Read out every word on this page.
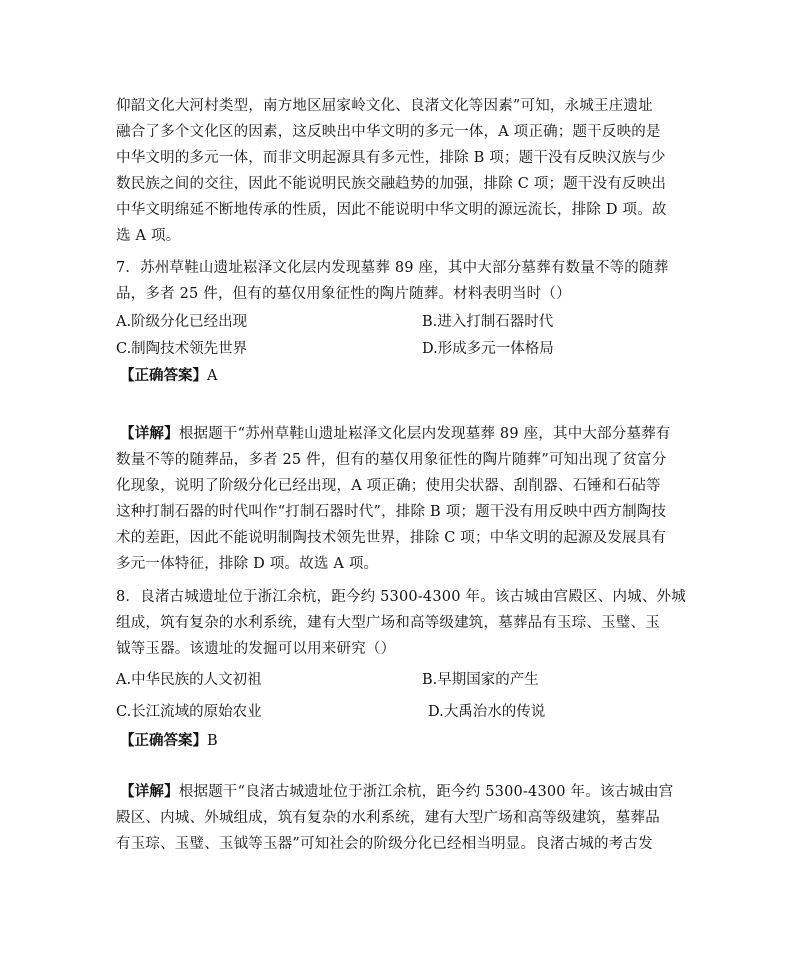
仰韶文化大河村类型，南方地区屈家岭文化、良渚文化等因素”可知，永城王庄遗址
融合了多个文化区的因素，这反映出中华文明的多元一体，A 项正确；题干反映的是
中华文明的多元一体，而非文明起源具有多元性，排除 B 项；题干没有反映汉族与少
数民族之间的交往，因此不能说明民族交融趋势的加强，排除 C 项；题干没有反映出
中华文明绵延不断地传承的性质，因此不能说明中华文明的源远流长，排除 D 项。故
选 A 项。
7．苏州草鞋山遗址崧泽文化层内发现墓葬 89 座，其中大部分墓葬有数量不等的随葬
品，多者 25 件，但有的墓仅用象征性的陶片随葬。材料表明当时（）
A.阶级分化已经出现	B.进入打制石器时代
C.制陶技术领先世界	D.形成多元一体格局
【正确答案】A
【详解】根据题干“苏州草鞋山遗址崧泽文化层内发现墓葬 89 座，其中大部分墓葬有
数量不等的随葬品，多者 25 件，但有的墓仅用象征性的陶片随葬”可知出现了贫富分
化现象，说明了阶级分化已经出现，A 项正确；使用尖状器、刮削器、石锤和石砧等
这种打制石器的时代叫作“打制石器时代”，排除 B 项；题干没有用反映中西方制陶技
术的差距，因此不能说明制陶技术领先世界，排除 C 项；中华文明的起源及发展具有
多元一体特征，排除 D 项。故选 A 项。
8．良渚古城遗址位于浙江余杭，距今约 5300-4300 年。该古城由宫殿区、内城、外城
组成，筑有复杂的水利系统，建有大型广场和高等级建筑，墓葬品有玉琮、玉璧、玉
钺等玉器。该遗址的发掘可以用来研究（）
A.中华民族的人文初祖	B.早期国家的产生
C.长江流域的原始农业	D.大禹治水的传说
【正确答案】B
【详解】根据题干“良渚古城遗址位于浙江余杭，距今约 5300-4300 年。该古城由宫
殿区、内城、外城组成，筑有复杂的水利系统，建有大型广场和高等级建筑，墓葬品
有玉琮、玉璧、玉钺等玉器”可知社会的阶级分化已经相当明显。良渚古城的考古发
